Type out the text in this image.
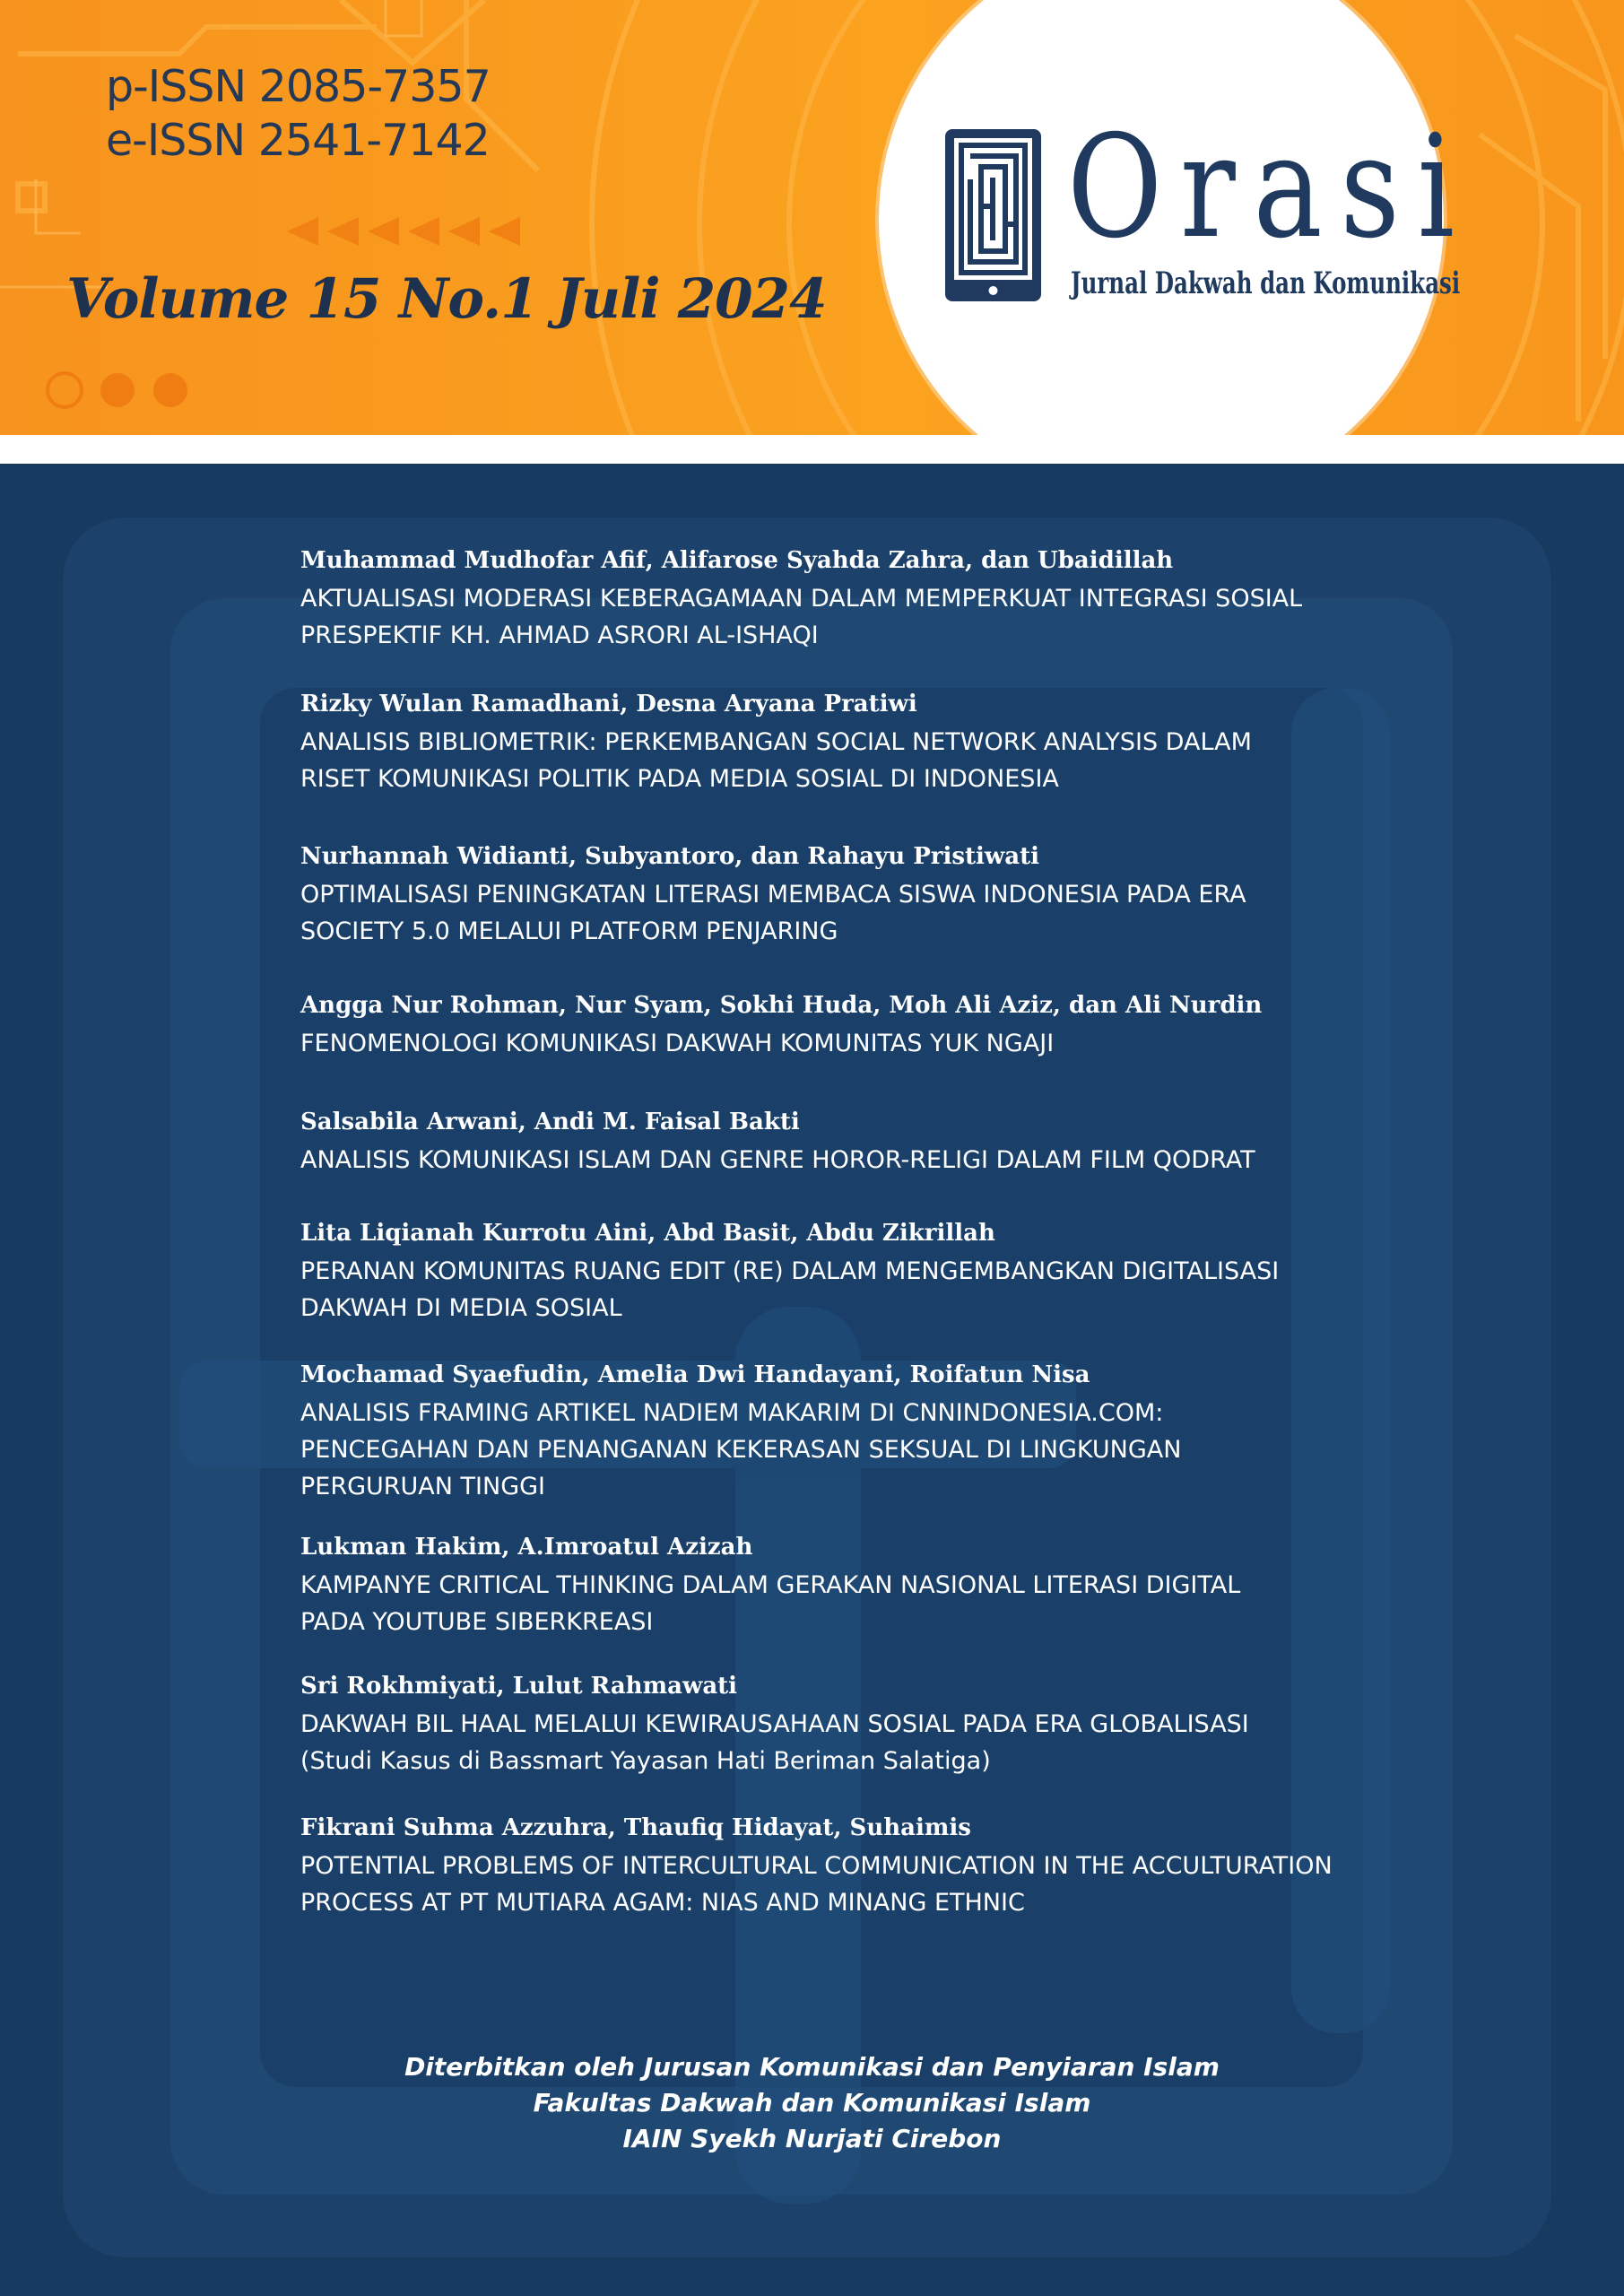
p-ISSN 2085-7357
e-ISSN 2541-7142
Volume 15 No.1 Juli 2024
Orasi
Jurnal Dakwah dan Komunikasi
Muhammad Mudhofar Afif, Alifarose Syahda Zahra, dan Ubaidillah
AKTUALISASI MODERASI KEBERAGAMAAN DALAM MEMPERKUAT INTEGRASI SOSIAL
PRESPEKTIF KH. AHMAD ASRORI AL-ISHAQI
Rizky Wulan Ramadhani, Desna Aryana Pratiwi
ANALISIS BIBLIOMETRIK: PERKEMBANGAN SOCIAL NETWORK ANALYSIS DALAM
RISET KOMUNIKASI POLITIK PADA MEDIA SOSIAL DI INDONESIA
Nurhannah Widianti, Subyantoro, dan Rahayu Pristiwati
OPTIMALISASI PENINGKATAN LITERASI MEMBACA SISWA INDONESIA PADA ERA
SOCIETY 5.0 MELALUI PLATFORM PENJARING
Angga Nur Rohman, Nur Syam, Sokhi Huda, Moh Ali Aziz, dan Ali Nurdin
FENOMENOLOGI KOMUNIKASI DAKWAH KOMUNITAS YUK NGAJI
Salsabila Arwani, Andi M. Faisal Bakti
ANALISIS KOMUNIKASI ISLAM DAN GENRE HOROR-RELIGI DALAM FILM QODRAT
Lita Liqianah Kurrotu Aini, Abd Basit, Abdu Zikrillah
PERANAN KOMUNITAS RUANG EDIT (RE) DALAM MENGEMBANGKAN DIGITALISASI
DAKWAH DI MEDIA SOSIAL
Mochamad Syaefudin, Amelia Dwi Handayani, Roifatun Nisa
ANALISIS FRAMING ARTIKEL NADIEM MAKARIM DI CNNINDONESIA.COM:
PENCEGAHAN DAN PENANGANAN KEKERASAN SEKSUAL DI LINGKUNGAN
PERGURUAN TINGGI
Lukman Hakim, A.Imroatul Azizah
KAMPANYE CRITICAL THINKING DALAM GERAKAN NASIONAL LITERASI DIGITAL
PADA YOUTUBE SIBERKREASI
Sri Rokhmiyati, Lulut Rahmawati
DAKWAH BIL HAAL MELALUI KEWIRAUSAHAAN SOSIAL PADA ERA GLOBALISASI
(Studi Kasus di Bassmart Yayasan Hati Beriman Salatiga)
Fikrani Suhma Azzuhra, Thaufiq Hidayat, Suhaimis
POTENTIAL PROBLEMS OF INTERCULTURAL COMMUNICATION IN THE ACCULTURATION
PROCESS AT PT MUTIARA AGAM: NIAS AND MINANG ETHNIC
Diterbitkan oleh Jurusan Komunikasi dan Penyiaran Islam
Fakultas Dakwah dan Komunikasi Islam
IAIN Syekh Nurjati Cirebon
